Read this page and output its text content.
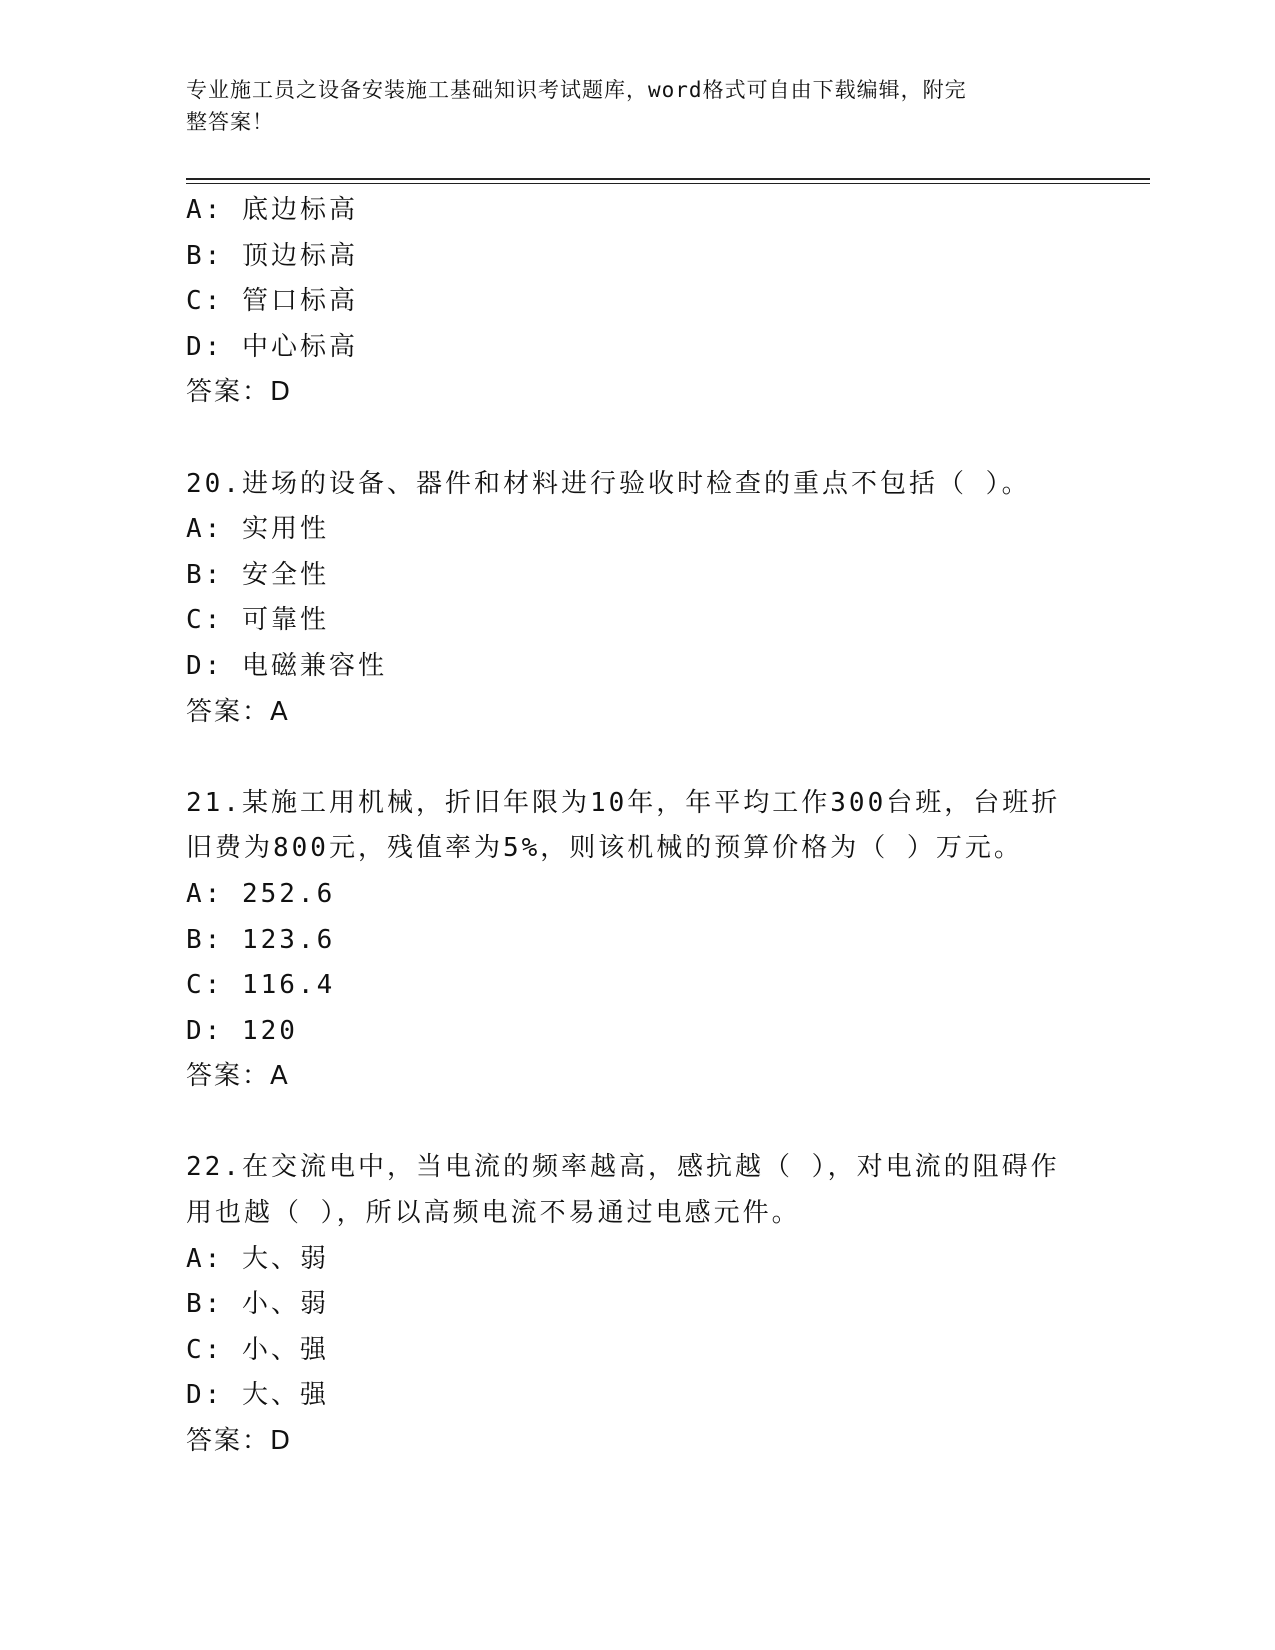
专业施工员之设备安装施工基础知识考试题库，word格式可自由下载编辑，附完
整答案！
A: 底边标高
B: 顶边标高
C: 管口标高
D: 中心标高
答案：D
20.进场的设备、器件和材料进行验收时检查的重点不包括（ ）。
A: 实用性
B: 安全性
C: 可靠性
D: 电磁兼容性
答案：A
21.某施工用机械，折旧年限为10年，年平均工作300台班，台班折
旧费为800元，残值率为5%，则该机械的预算价格为（ ）万元。
A: 252.6
B: 123.6
C: 116.4
D: 120
答案：A
22.在交流电中，当电流的频率越高，感抗越（ ），对电流的阻碍作
用也越（ ），所以高频电流不易通过电感元件。
A: 大、弱
B: 小、弱
C: 小、强
D: 大、强
答案：D
